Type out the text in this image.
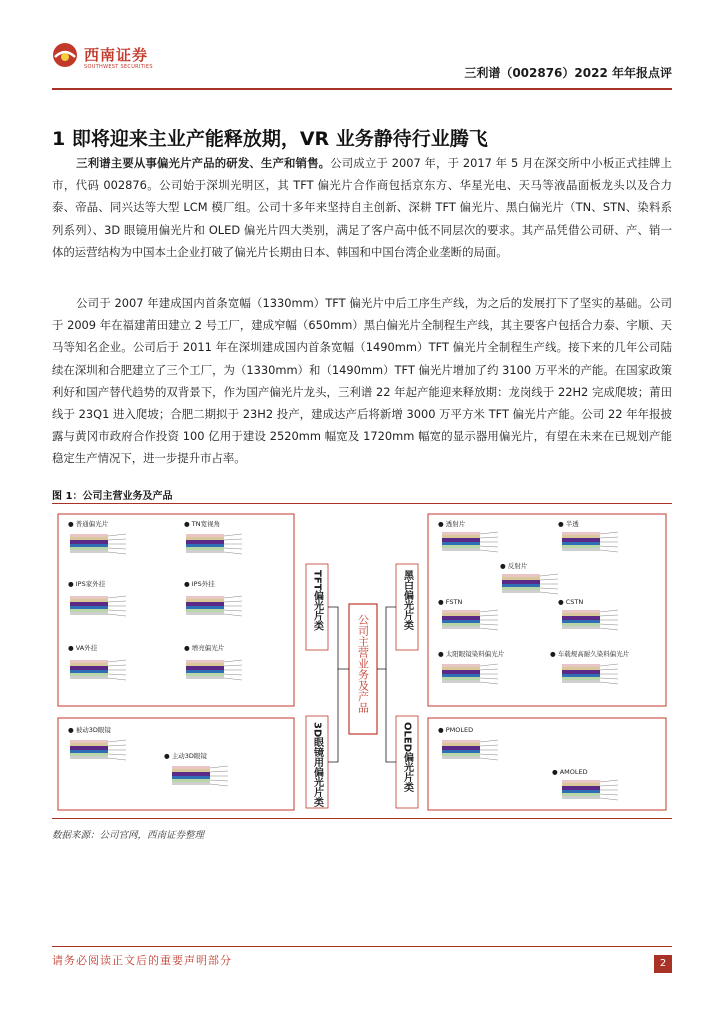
西南证券
SOUTHWEST SECURITIES	三利谱（002876）2022 年年报点评
1 即将迎来主业产能释放期，VR 业务静待行业腾飞
三利谱主要从事偏光片产品的研发、生产和销售。公司成立于 2007 年，于 2017 年 5 月在深交所中小板正式挂牌上市，代码 002876。公司始于深圳光明区，其 TFT 偏光片合作商包括京东方、华星光电、天马等液晶面板龙头以及合力泰、帝晶、同兴达等大型 LCM 模厂组。公司十多年来坚持自主创新、深耕 TFT 偏光片、黑白偏光片（TN、STN、染料系列系列）、3D 眼镜用偏光片和 OLED 偏光片四大类别，满足了客户高中低不同层次的要求。其产品凭借公司研、产、销一体的运营结构为中国本土企业打破了偏光片长期由日本、韩国和中国台湾企业垄断的局面。
公司于 2007 年建成国内首条宽幅（1330mm）TFT 偏光片中后工序生产线，为之后的发展打下了坚实的基础。公司于 2009 年在福建莆田建立 2 号工厂，建成窄幅（650mm）黑白偏光片全制程生产线，其主要客户包括合力泰、宇顺、天马等知名企业。公司后于 2011 年在深圳建成国内首条宽幅（1490mm）TFT 偏光片全制程生产线。接下来的几年公司陆续在深圳和合肥建立了三个工厂，为（1330mm）和（1490mm）TFT 偏光片增加了约 3100 万平米的产能。在国家政策利好和国产替代趋势的双背景下，作为国产偏光片龙头，三利谱 22 年起产能迎来释放期：龙岗线于 22H2 完成爬坡；莆田线于 23Q1 进入爬坡；合肥二期拟于 23H2 投产，建成达产后将新增 3000 万平方米 TFT 偏光片产能。公司 22 年年报披露与黄冈市政府合作投资 100 亿用于建设 2520mm 幅宽及 1720mm 幅宽的显示器用偏光片，有望在未来在已规划产能稳定生产情况下，进一步提升市占率。
图 1：公司主营业务及产品
TFT偏光片类
3D眼镜用偏光片类
黑白偏光片类
OLED偏光片类
公司主营业务及产品
● 普通偏光片	● TN宽视角
● IPS家外挂	● IPS外挂
● VA外挂	● 增亮偏光片
● 透射片	● 半透
● 反射片
● FSTN	● CSTN
● 太阳眼镜染料偏光片	● 车载规高耐久染料偏光片
● 被动3D眼镜
● 主动3D眼镜
● PMOLED
● AMOLED
数据来源：公司官网，西南证券整理
请务必阅读正文后的重要声明部分	2
